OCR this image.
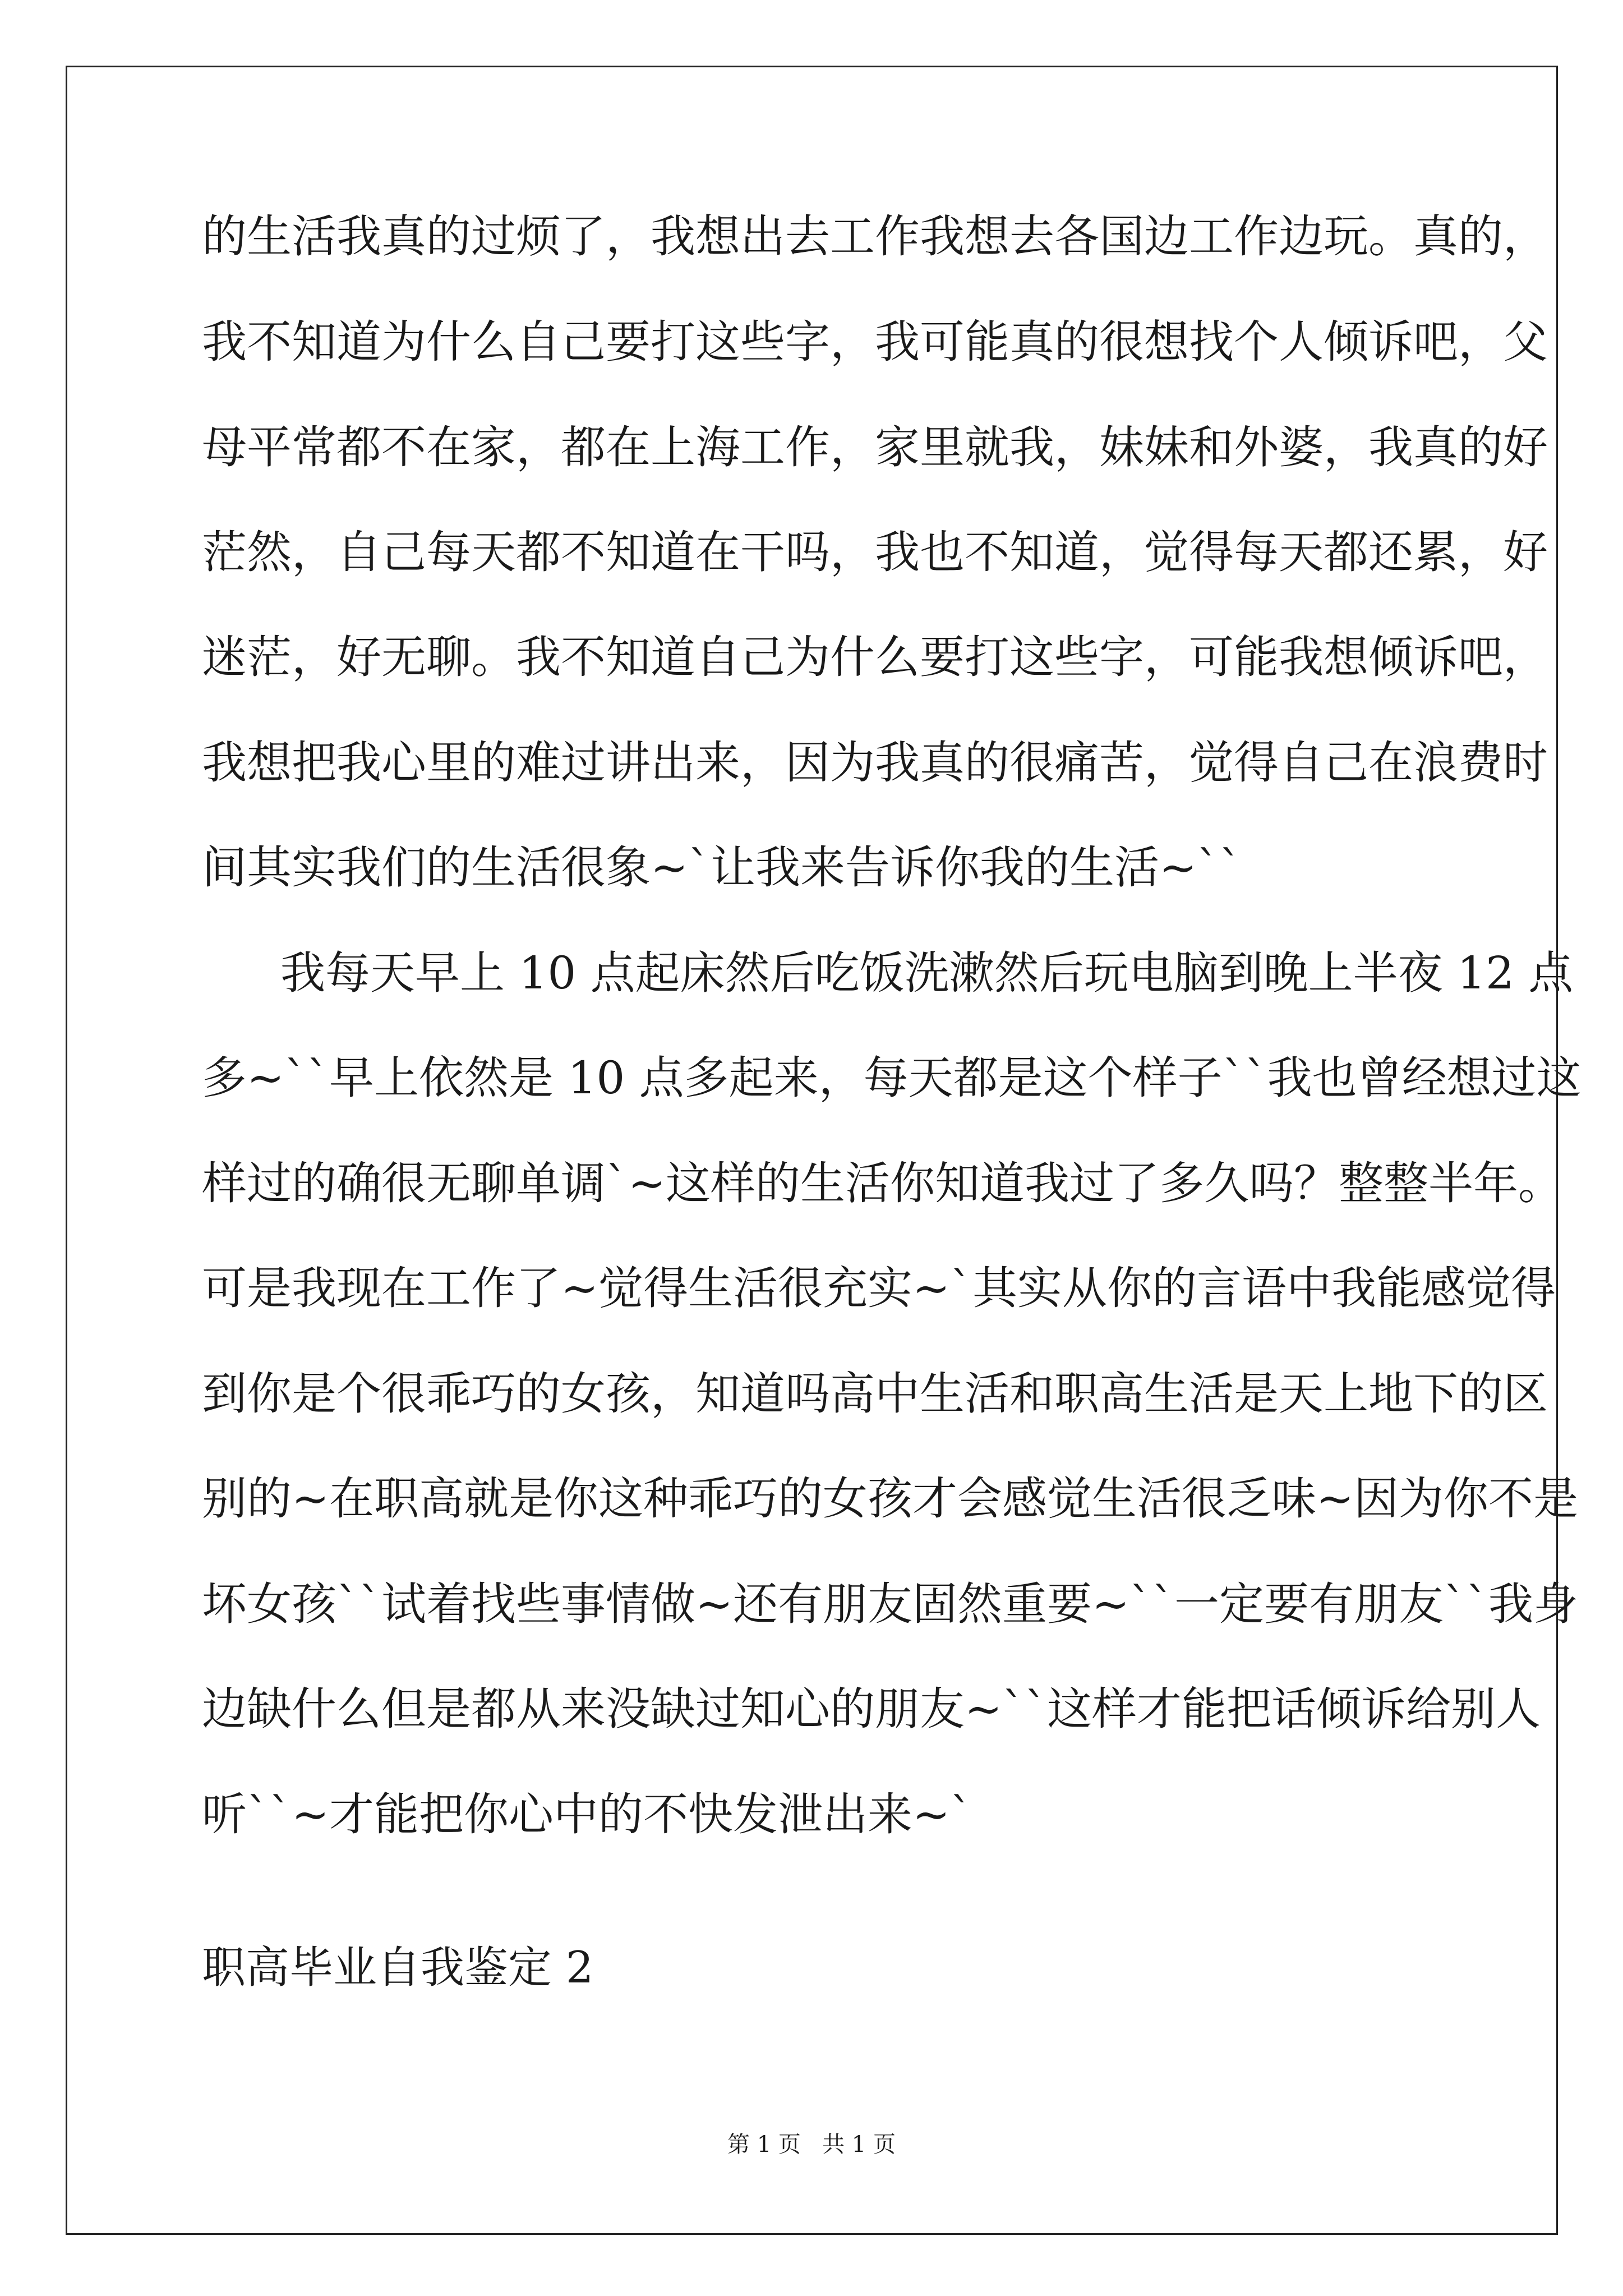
的生活我真的过烦了，我想出去工作我想去各国边工作边玩。真的，

我不知道为什么自己要打这些字，我可能真的很想找个人倾诉吧，父

母平常都不在家，都在上海工作，家里就我，妹妹和外婆，我真的好

茫然，自己每天都不知道在干吗，我也不知道，觉得每天都还累，好

迷茫，好无聊。我不知道自己为什么要打这些字，可能我想倾诉吧，

我想把我心里的难过讲出来，因为我真的很痛苦，觉得自己在浪费时

间其实我们的生活很象~`让我来告诉你我的生活~``

我每天早上 10 点起床然后吃饭洗漱然后玩电脑到晚上半夜 12 点

多~``早上依然是 10 点多起来，每天都是这个样子``我也曾经想过这

样过的确很无聊单调`~这样的生活你知道我过了多久吗？整整半年。

可是我现在工作了~觉得生活很充实~`其实从你的言语中我能感觉得

到你是个很乖巧的女孩，知道吗高中生活和职高生活是天上地下的区

别的~在职高就是你这种乖巧的女孩才会感觉生活很乏味~因为你不是

坏女孩``试着找些事情做~还有朋友固然重要~``一定要有朋友``我身

边缺什么但是都从来没缺过知心的朋友~``这样才能把话倾诉给别人

听``~才能把你心中的不快发泄出来~`

职高毕业自我鉴定 2
第 1 页   共 1 页
